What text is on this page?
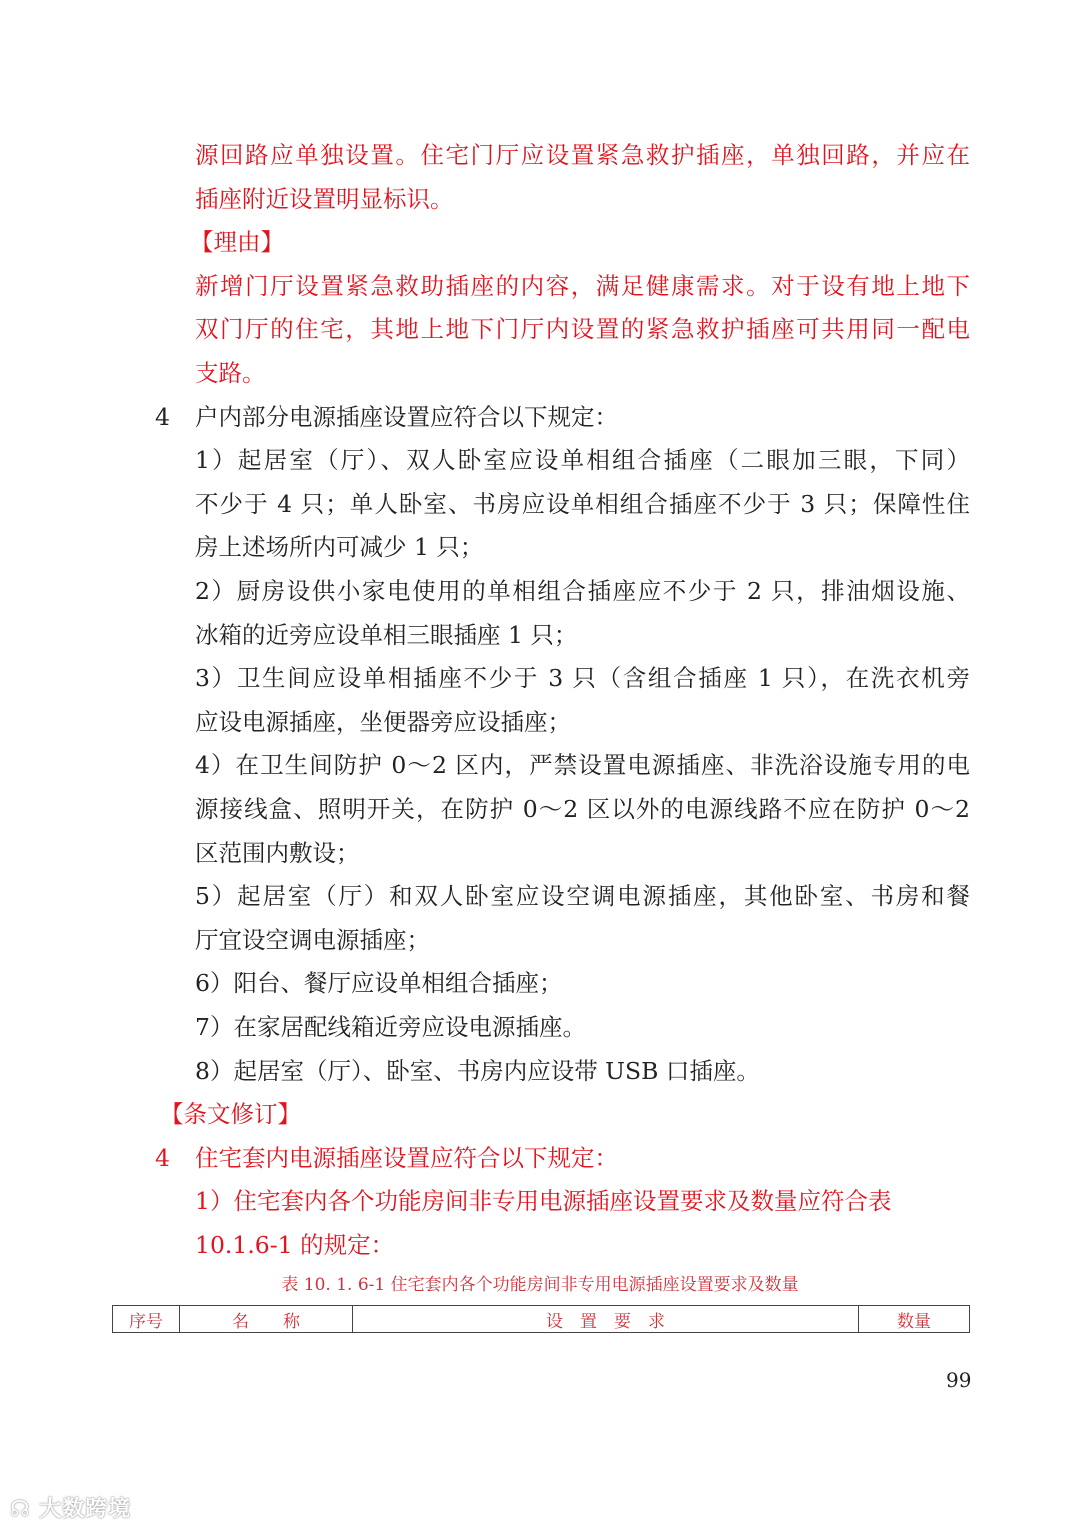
源回路应单独设置。住宅门厅应设置紧急救护插座，单独回路，并应在
插座附近设置明显标识。
【理由】
新增门厅设置紧急救助插座的内容，满足健康需求。对于设有地上地下
双门厅的住宅，其地上地下门厅内设置的紧急救护插座可共用同一配电
支路。
4 户内部分电源插座设置应符合以下规定：
1）起居室（厅）、双人卧室应设单相组合插座（二眼加三眼，下同）
不少于 4 只；单人卧室、书房应设单相组合插座不少于 3 只；保障性住
房上述场所内可减少 1 只；
2）厨房设供小家电使用的单相组合插座应不少于 2 只，排油烟设施、
冰箱的近旁应设单相三眼插座 1 只；
3）卫生间应设单相插座不少于 3 只（含组合插座 1 只），在洗衣机旁
应设电源插座，坐便器旁应设插座；
4）在卫生间防护 0～2 区内，严禁设置电源插座、非洗浴设施专用的电
源接线盒、照明开关，在防护 0～2 区以外的电源线路不应在防护 0～2
区范围内敷设；
5）起居室（厅）和双人卧室应设空调电源插座，其他卧室、书房和餐
厅宜设空调电源插座；
6）阳台、餐厅应设单相组合插座；
7）在家居配线箱近旁应设电源插座。
8）起居室（厅）、卧室、书房内应设带 USB 口插座。
【条文修订】
4 住宅套内电源插座设置应符合以下规定：
1）住宅套内各个功能房间非专用电源插座设置要求及数量应符合表
10.1.6-1 的规定：
表 10. 1. 6-1 住宅套内各个功能房间非专用电源插座设置要求及数量
序号	名　　称	设　置　要　求	数量
99
☊ 大数跨境
